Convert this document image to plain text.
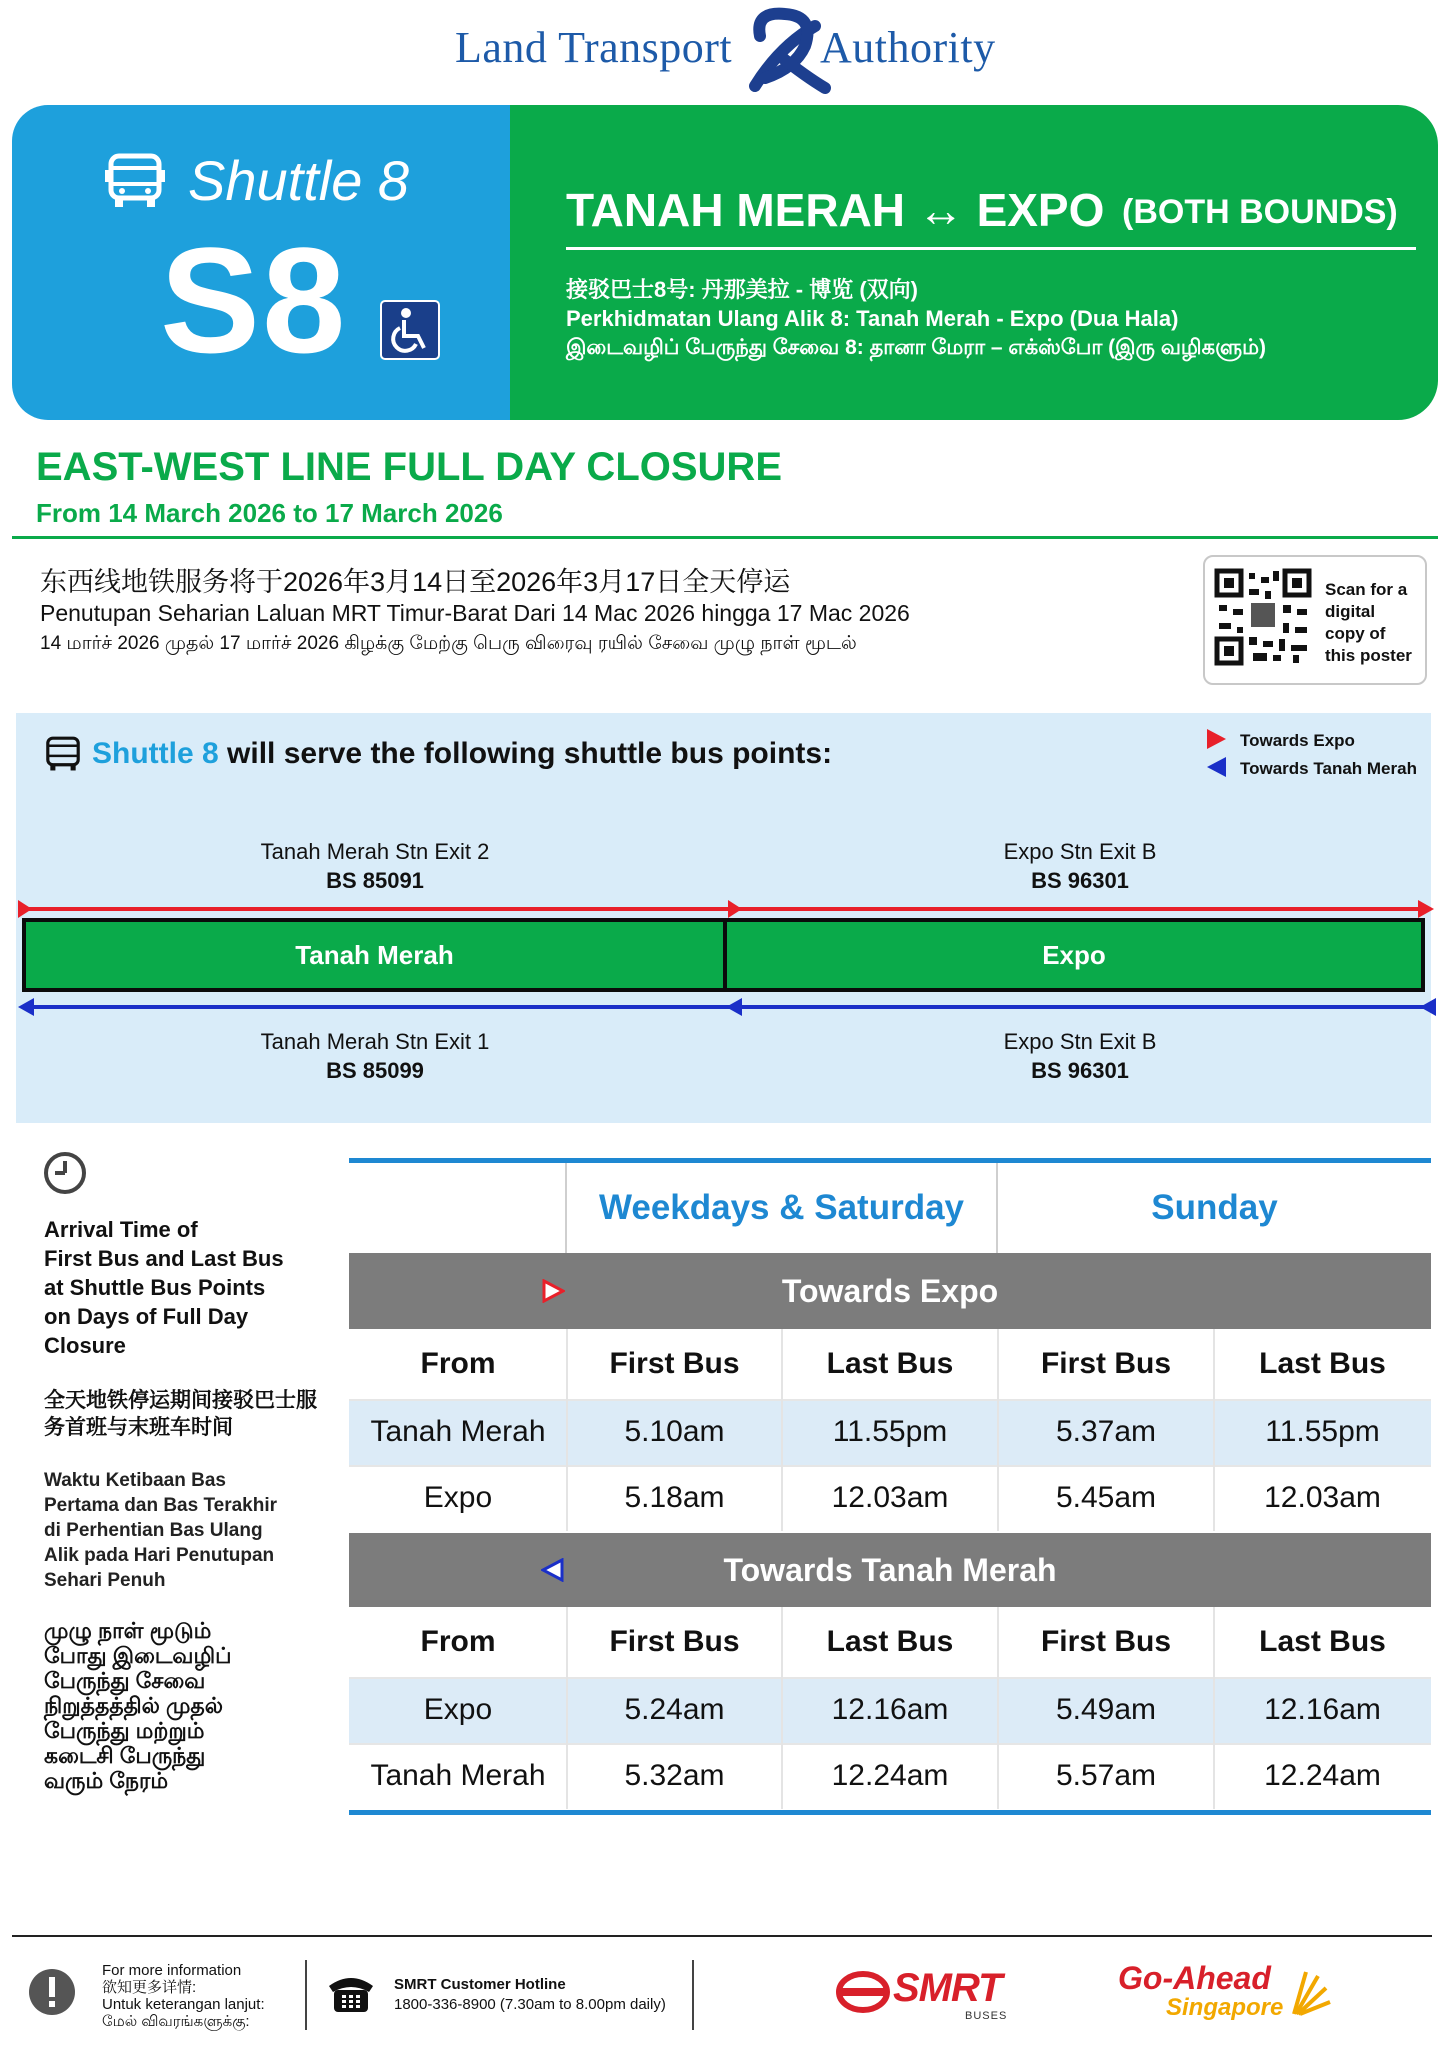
Land Transport Authority
Shuttle 8
S8
TANAH MERAH ↔ EXPO (BOTH BOUNDS)
接驳巴士8号: 丹那美拉 - 博览 (双向)
Perkhidmatan Ulang Alik 8: Tanah Merah - Expo (Dua Hala)
இடைவழிப் பேருந்து சேவை 8: தானா மேரா – எக்ஸ்போ (இரு வழிகளும்)
EAST-WEST LINE FULL DAY CLOSURE
From 14 March 2026 to 17 March 2026
东西线地铁服务将于2026年3月14日至2026年3月17日全天停运
Penutupan Seharian Laluan MRT Timur-Barat Dari 14 Mac 2026 hingga 17 Mac 2026
14 மார்ச் 2026 முதல் 17 மார்ச் 2026 கிழக்கு மேற்கு பெரு விரைவு ரயில் சேவை முழு நாள் மூடல்
Scan for a
digital
copy of
this poster
Shuttle 8 will serve the following shuttle bus points:	Towards Expo
Towards Tanah Merah
Tanah Merah Stn Exit 2
BS 85091
Expo Stn Exit B
BS 96301
Tanah Merah	Expo
Tanah Merah Stn Exit 1
BS 85099
Expo Stn Exit B
BS 96301
Arrival Time of
First Bus and Last Bus
at Shuttle Bus Points
on Days of Full Day
Closure
全天地铁停运期间接驳巴士服
务首班与末班车时间
Waktu Ketibaan Bas
Pertama dan Bas Terakhir
di Perhentian Bas Ulang
Alik pada Hari Penutupan
Sehari Penuh
முழு நாள் மூடும்
போது இடைவழிப்
பேருந்து சேவை
நிறுத்தத்தில் முதல்
பேருந்து மற்றும்
கடைசி பேருந்து
வரும் நேரம்
Weekdays & Saturday	Sunday
Towards Expo
From	First Bus	Last Bus	First Bus	Last Bus
Tanah Merah	5.10am	11.55pm	5.37am	11.55pm
Expo	5.18am	12.03am	5.45am	12.03am
Towards Tanah Merah
From	First Bus	Last Bus	First Bus	Last Bus
Expo	5.24am	12.16am	5.49am	12.16am
Tanah Merah	5.32am	12.24am	5.57am	12.24am
For more information
欲知更多详情:
Untuk keterangan lanjut:
மேல் விவரங்களுக்கு:
SMRT Customer Hotline
1800-336-8900 (7.30am to 8.00pm daily)	SMRT
BUSES
Go-Ahead
Singapore
